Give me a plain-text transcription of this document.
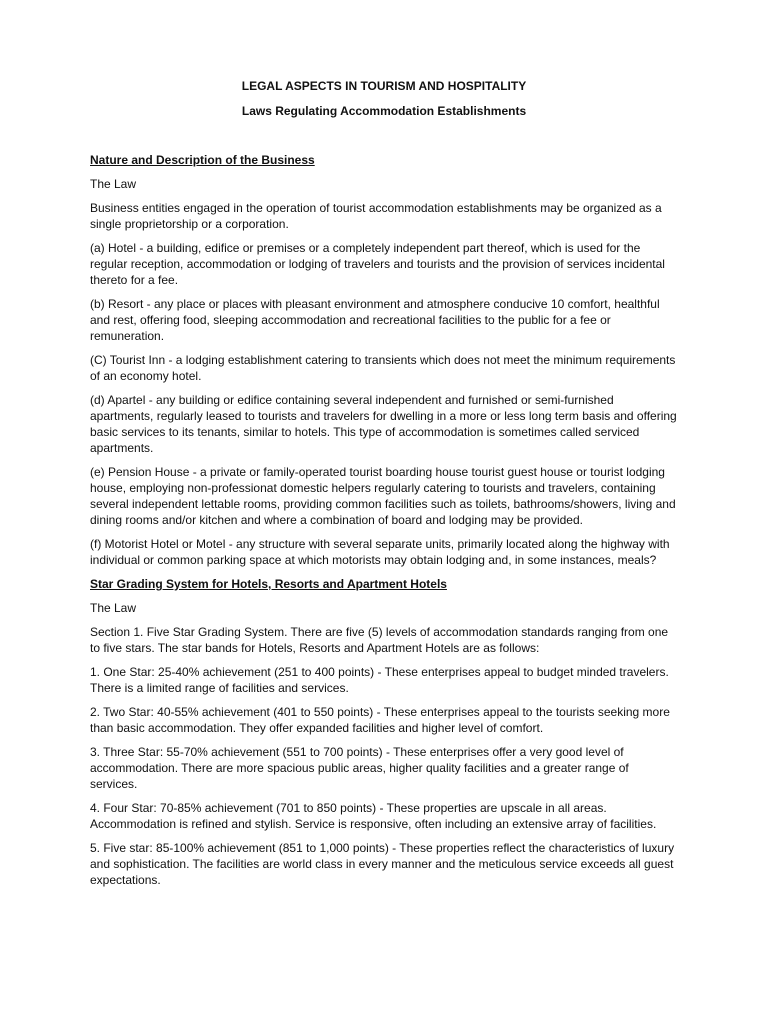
LEGAL ASPECTS IN TOURISM AND HOSPITALITY
Laws Regulating Accommodation Establishments
Nature and Description of the Business

The Law

Business entities engaged in the operation of tourist accommodation establishments may be organized as a single proprietorship or a corporation.

(a) Hotel - a building, edifice or premises or a completely independent part thereof, which is used for the regular reception, accommodation or lodging of travelers and tourists and the provision of services incidental thereto for a fee.

(b) Resort - any place or places with pleasant environment and atmosphere conducive 10 comfort, healthful and rest, offering food, sleeping accommodation and recreational facilities to the public for a fee or remuneration.

(C) Tourist Inn - a lodging establishment catering to transients which does not meet the minimum requirements of an economy hotel.

(d) Apartel - any building or edifice containing several independent and furnished or semi-furnished apartments, regularly leased to tourists and travelers for dwelling in a more or less long term basis and offering basic services to its tenants, similar to hotels. This type of accommodation is sometimes called serviced apartments.

(e) Pension House - a private or family-operated tourist boarding house tourist guest house or tourist lodging house, employing non-professionat domestic helpers regularly catering to tourists and travelers, containing several independent lettable rooms, providing common facilities such as toilets, bathrooms/showers, living and dining rooms and/or kitchen and where a combination of board and lodging may be provided.

(f) Motorist Hotel or Motel - any structure with several separate units, primarily located along the highway with individual or common parking space at which motorists may obtain lodging and, in some instances, meals?

Star Grading System for Hotels, Resorts and Apartment Hotels

The Law

Section 1. Five Star Grading System. There are five (5) levels of accommodation standards ranging from one to five stars. The star bands for Hotels, Resorts and Apartment Hotels are as follows:

1. One Star: 25-40% achievement (251 to 400 points) - These enterprises appeal to budget minded travelers. There is a limited range of facilities and services.

2. Two Star: 40-55% achievement (401 to 550 points) - These enterprises appeal to the tourists seeking more than basic accommodation. They offer expanded facilities and higher level of comfort.

3. Three Star: 55-70% achievement (551 to 700 points) - These enterprises offer a very good level of accommodation. There are more spacious public areas, higher quality facilities and a greater range of services.

4. Four Star: 70-85% achievement (701 to 850 points) - These properties are upscale in all areas. Accommodation is refined and stylish. Service is responsive, often including an extensive array of facilities.

5. Five star: 85-100% achievement (851 to 1,000 points) - These properties reflect the characteristics of luxury and sophistication. The facilities are world class in every manner and the meticulous service exceeds all guest expectations.
